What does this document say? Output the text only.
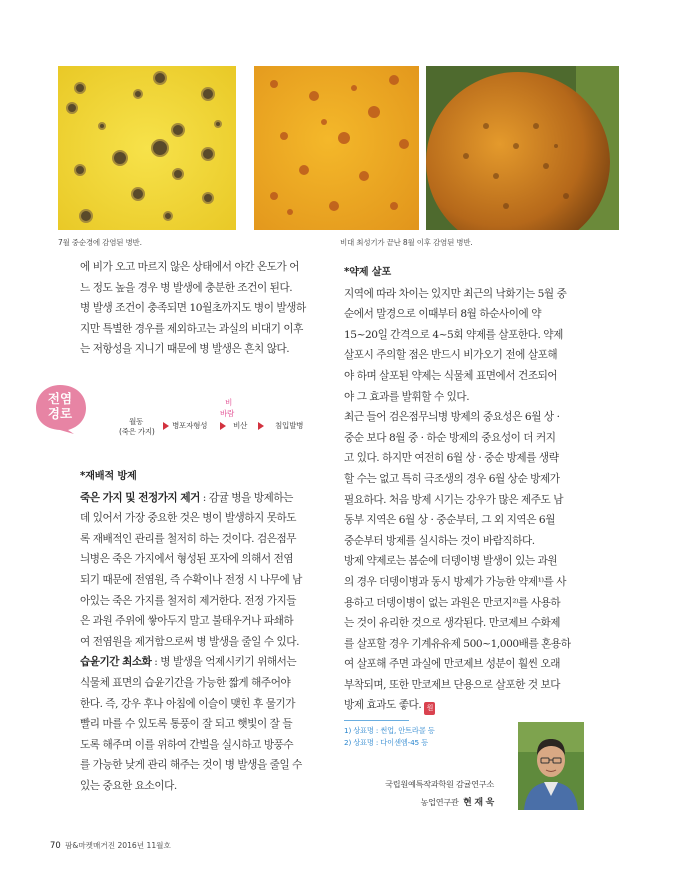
7월 중순경에 감염된 병반.	비대 최성기가 끝난 8월 이후 감염된 병반.

에 비가 오고 마르지 않은 상태에서 야간 온도가 어

느 정도 높을 경우 병 발생에 충분한 조건이 된다.

병 발생 조건이 충족되면 10월초까지도 병이 발생하

지만 특별한 경우를 제외하고는 과실의 비대기 이후

는 저항성을 지니기 때문에 병 발생은 흔치 않다.

전염
경로
월동
(죽은 가지)
병포자형성
비
바람
비산	침입발병

*재배적 방제

죽은 가지 및 전정가지 제거 : 감귤 병을 방제하는

데 있어서 가장 중요한 것은 병이 발생하지 못하도

록 재배적인 관리를 철저히 하는 것이다. 검은점무

늬병은 죽은 가지에서 형성된 포자에 의해서 전염

되기 때문에 전염원, 즉 수확이나 전정 시 나무에 남

아있는 죽은 가지를 철저히 제거한다. 전정 가지들

은 과원 주위에 쌓아두지 말고 불태우거나 파쇄하

여 전염원을 제거함으로써 병 발생을 줄일 수 있다.

습윤기간 최소화 : 병 발생을 억제시키기 위해서는

식물체 표면의 습윤기간을 가능한 짧게 해주어야

한다. 즉, 강우 후나 아침에 이슬이 맺힌 후 물기가

빨리 마를 수 있도록 통풍이 잘 되고 햇빛이 잘 들

도록 해주며 이를 위하여 간벌을 실시하고 방풍수

를 가능한 낮게 관리 해주는 것이 병 발생을 줄일 수

있는 중요한 요소이다.

*약제 살포

지역에 따라 차이는 있지만 최근의 낙화기는 5월 중

순에서 말경으로 이때부터 8월 하순사이에 약

15~20일 간격으로 4~5회 약제를 살포한다. 약제

살포시 주의할 점은 반드시 비가오기 전에 살포해

야 하며 살포된 약제는 식물체 표면에서 건조되어

야 그 효과를 발휘할 수 있다.

최근 들어 검은점무늬병 방제의 중요성은 6월 상 ·

중순 보다 8월 중 · 하순 방제의 중요성이 더 커지

고 있다. 하지만 여전히 6월 상 · 중순 방제를 생략

할 수는 없고 특히 극조생의 경우 6월 상순 방제가

필요하다. 처음 방제 시기는 강우가 많은 제주도 남

동부 지역은 6월 상 · 중순부터, 그 외 지역은 6월

중순부터 방제를 실시하는 것이 바람직하다.

방제 약제로는 봄순에 더뎅이병 발생이 있는 과원

의 경우 더뎅이병과 동시 방제가 가능한 약제¹⁾를 사

용하고 더뎅이병이 없는 과원은 만코지²⁾를 사용하

는 것이 유리한 것으로 생각된다. 만코제브 수화제

를 살포할 경우 기계유유제 500~1,000배를 혼용하

여 살포해 주면 과실에 만코제브 성분이 훨씬 오래

부착되며, 또한 만코제브 단용으로 살포한 것 보다

방제 효과도 좋다. 원

1) 상표명 : 썬업, 안트라콜 등

2) 상표명 : 다이센엠-45 등

국립원예특작과학원 감귤연구소

농업연구관 현 재 욱

70 팜&마켓매거진 2016년 11월호
